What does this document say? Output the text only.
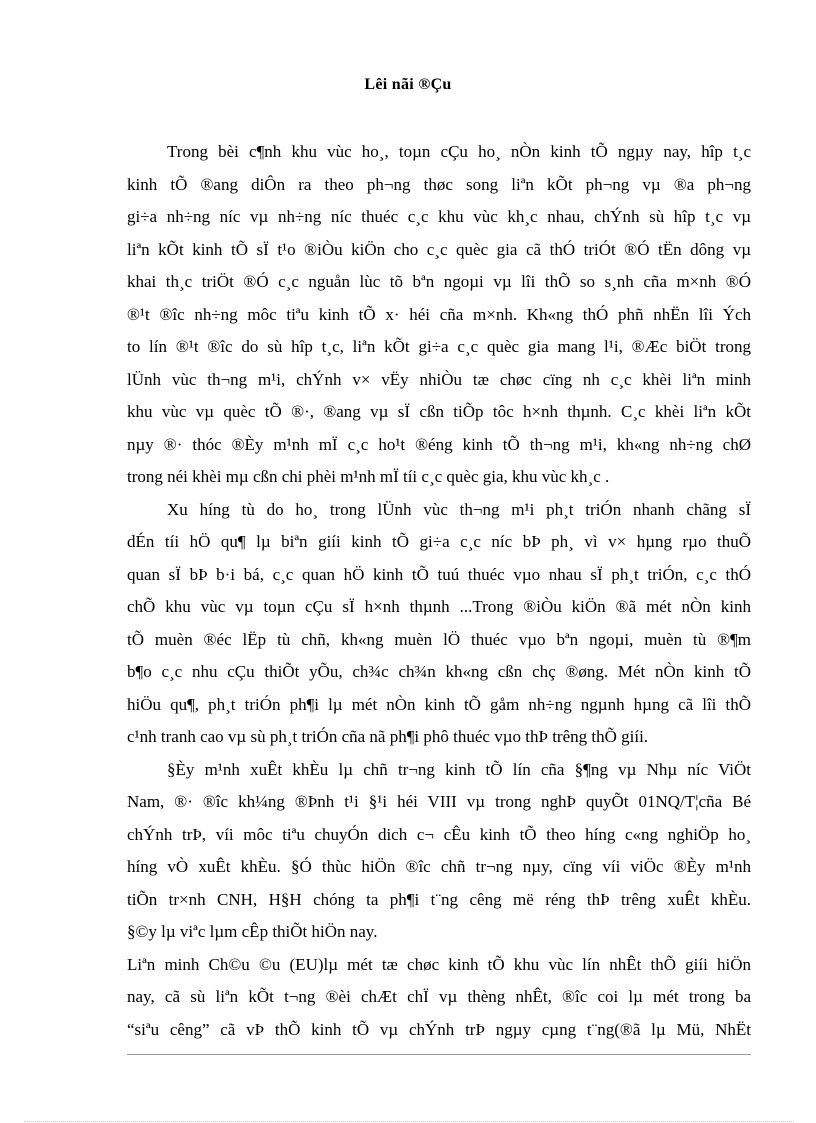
Lêi nãi ®Çu
Trong bèi c¶nh khu vùc ho¸, toµn cÇu ho¸ nÒn kinh tÕ ngµy nay, hîp t¸c
kinh tÕ ®ang diÔn ra theo ph¬ng thøc song liªn kÕt ph¬ng vµ ®a ph¬ng
gi÷a nh÷ng níc vµ nh÷ng níc thuéc c¸c khu vùc kh¸c nhau, chÝnh sù hîp t¸c vµ
liªn kÕt kinh tÕ sÏ t¹o ®iÒu kiÖn cho c¸c quèc gia cã thÓ triÓt ®Ó tËn dông vµ
khai th¸c triÖt ®Ó c¸c nguån lùc tõ bªn ngoµi vµ lîi thÕ so s¸nh cña m×nh ®Ó
®¹t ®îc nh÷ng môc tiªu kinh tÕ x· héi cña m×nh. Kh«ng thÓ phñ nhËn lîi Ých
to lín ®¹t ®îc do sù hîp t¸c, liªn kÕt gi÷a c¸c quèc gia mang l¹i, ®Æc biÖt trong
lÜnh vùc th¬ng m¹i, chÝnh v× vËy nhiÒu tæ chøc cïng nh c¸c khèi liªn minh
khu vùc vµ quèc tÕ ®·, ®ang vµ sÏ cßn tiÕp tôc h×nh thµnh. C¸c khèi liªn kÕt
nµy ®· thóc ®Èy m¹nh mÏ c¸c ho¹t ®éng kinh tÕ th¬ng m¹i, kh«ng nh÷ng chØ
trong néi khèi mµ cßn chi phèi m¹nh mÏ tíi c¸c quèc gia, khu vùc kh¸c .
Xu híng tù do ho¸ trong lÜnh vùc th¬ng m¹i ph¸t triÓn nhanh chãng sÏ
dÉn tíi hÖ qu¶ lµ biªn giíi kinh tÕ gi÷a c¸c níc bÞ ph¸ vì v× hµng rµo thuÕ
quan sÏ bÞ b·i bá, c¸c quan hÖ kinh tÕ tuú thuéc vµo nhau sÏ ph¸t triÓn, c¸c thÓ
chÕ khu vùc vµ toµn cÇu sÏ h×nh thµnh ...Trong ®iÒu kiÖn ®ã mét nÒn kinh
tÕ muèn ®éc lËp tù chñ, kh«ng muèn lÖ thuéc vµo bªn ngoµi, muèn tù ®¶m
b¶o c¸c nhu cÇu thiÕt yÕu, ch¾c ch¾n kh«ng cßn chç ®øng. Mét nÒn kinh tÕ
hiÖu qu¶, ph¸t triÓn ph¶i lµ mét nÒn kinh tÕ gåm nh÷ng ngµnh hµng cã lîi thÕ
c¹nh tranh cao vµ sù ph¸t triÓn cña nã ph¶i phô thuéc vµo thÞ trêng thÕ giíi.
§Èy m¹nh xuÊt khÈu lµ chñ tr¬ng kinh tÕ lín cña §¶ng vµ Nhµ níc ViÖt
Nam, ®· ®îc kh¼ng ®Þnh t¹i §¹i héi VIII vµ trong nghÞ quyÕt 01NQ/T¦cña Bé
chÝnh trÞ, víi môc tiªu chuyÓn dich c¬ cÊu kinh tÕ theo híng c«ng nghiÖp ho¸
híng vÒ xuÊt khÈu. §Ó thùc hiÖn ®îc chñ tr¬ng nµy, cïng víi viÖc ®Èy m¹nh
tiÕn tr×nh CNH, H§H chóng ta ph¶i t¨ng cêng më réng thÞ trêng xuÊt khÈu.
§©y lµ viªc lµm cÊp thiÕt hiÖn nay.
Liªn minh Ch©u ©u (EU)lµ mét tæ chøc kinh tÕ khu vùc lín nhÊt thÕ giíi hiÖn
nay, cã sù liªn kÕt t¬ng ®èi chÆt chÏ vµ thèng nhÊt, ®îc coi lµ mét trong ba
“siªu cêng” cã vÞ thÕ kinh tÕ vµ chÝnh trÞ ngµy cµng t¨ng(®ã lµ Mü, NhËt
